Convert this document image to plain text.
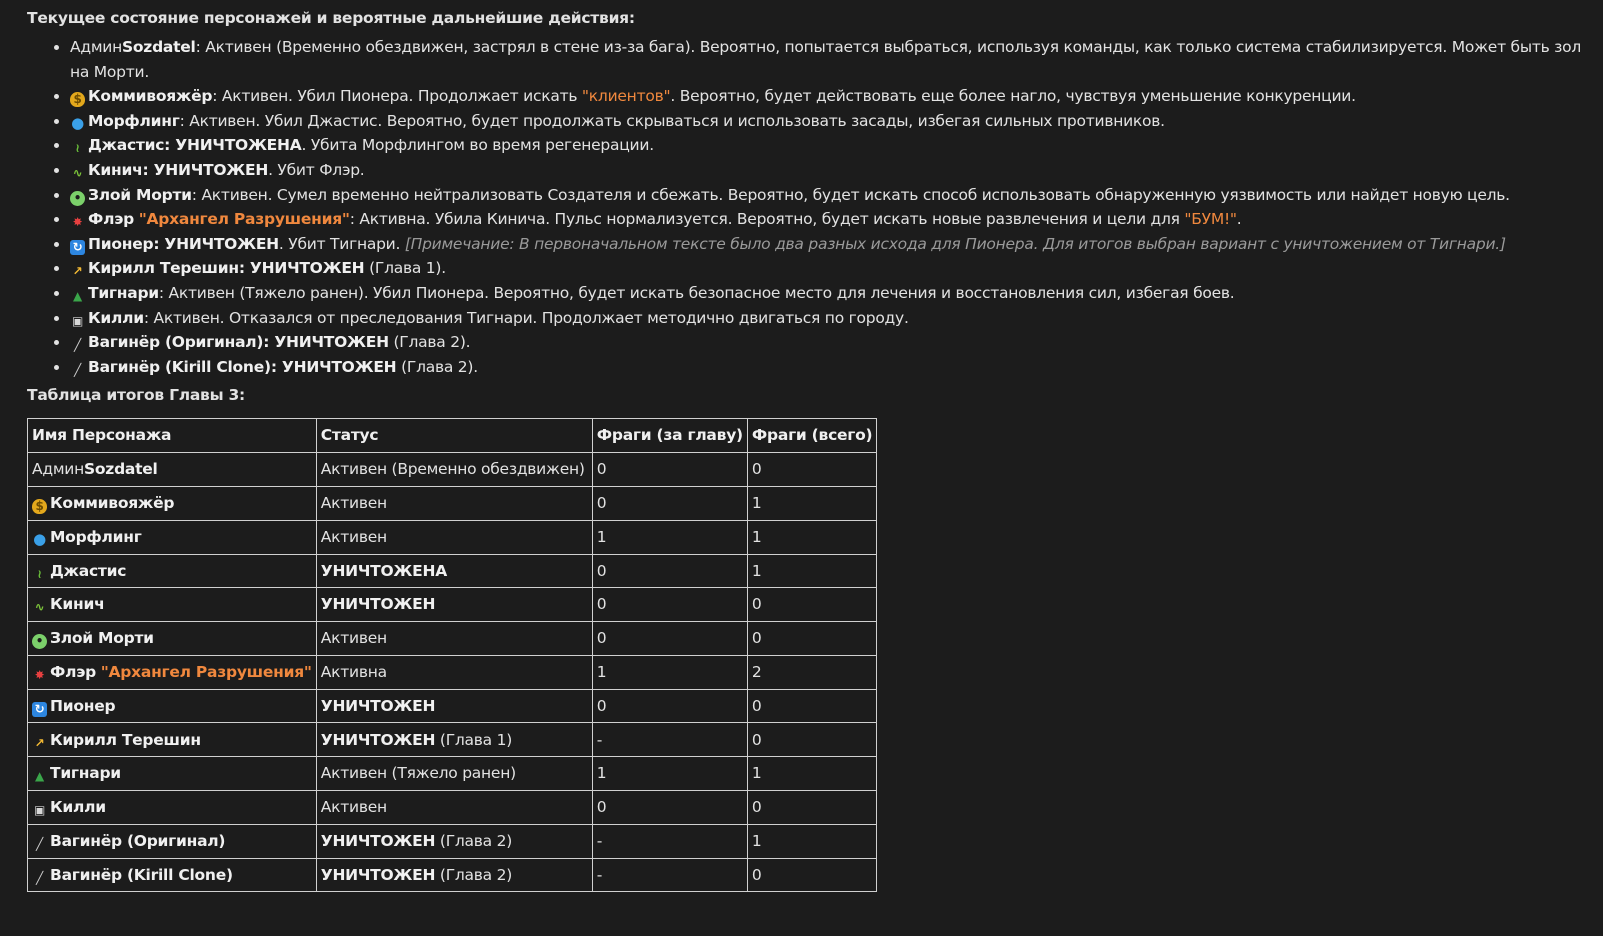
Текущее состояние персонажей и вероятные дальнейшие действия:

• АдминSozdatel: Активен (Временно обездвижен, застрял в стене из-за бага). Вероятно, попытается выбраться, используя команды, как только система стабилизируется. Может быть зол на Морти.
• $ Коммивояжёр: Активен. Убил Пионера. Продолжает искать "клиентов". Вероятно, будет действовать еще более нагло, чувствуя уменьшение конкуренции.
• ● Морфлинг: Активен. Убил Джастис. Вероятно, будет продолжать скрываться и использовать засады, избегая сильных противников.
• ≀ Джастис: УНИЧТОЖЕНА. Убита Морфлингом во время регенерации.
• ∿ Кинич: УНИЧТОЖЕН. Убит Флэр.
• • Злой Морти: Активен. Сумел временно нейтрализовать Создателя и сбежать. Вероятно, будет искать способ использовать обнаруженную уязвимость или найдет новую цель.
• ✸ Флэр "Архангел Разрушения": Активна. Убила Кинича. Пульс нормализуется. Вероятно, будет искать новые развлечения и цели для "БУМ!".
• ↻ Пионер: УНИЧТОЖЕН. Убит Тигнари. [Примечание: В первоначальном тексте было два разных исхода для Пионера. Для итогов выбран вариант с уничтожением от Тигнари.]
• ↗ Кирилл Терешин: УНИЧТОЖЕН (Глава 1).
• ▲ Тигнари: Активен (Тяжело ранен). Убил Пионера. Вероятно, будет искать безопасное место для лечения и восстановления сил, избегая боев.
• ▣ Килли: Активен. Отказался от преследования Тигнари. Продолжает методично двигаться по городу.
• ╱ Вагинёр (Оригинал): УНИЧТОЖЕН (Глава 2).
• ╱ Вагинёр (Kirill Clone): УНИЧТОЖЕН (Глава 2).

Таблица итогов Главы 3:

Имя Персонажа	Статус	Фраги (за главу)	Фраги (всего)
АдминSozdatel	Активен (Временно обездвижен)	0	0
$ Коммивояжёр	Активен	0	1
● Морфлинг	Активен	1	1
≀ Джастис	УНИЧТОЖЕНА	0	1
∿ Кинич	УНИЧТОЖЕН	0	0
• Злой Морти	Активен	0	0
✸ Флэр "Архангел Разрушения"	Активна	1	2
↻ Пионер	УНИЧТОЖЕН	0	0
↗ Кирилл Терешин	УНИЧТОЖЕН (Глава 1)	-	0
▲ Тигнари	Активен (Тяжело ранен)	1	1
▣ Килли	Активен	0	0
╱ Вагинёр (Оригинал)	УНИЧТОЖЕН (Глава 2)	-	1
╱ Вагинёр (Kirill Clone)	УНИЧТОЖЕН (Глава 2)	-	0
